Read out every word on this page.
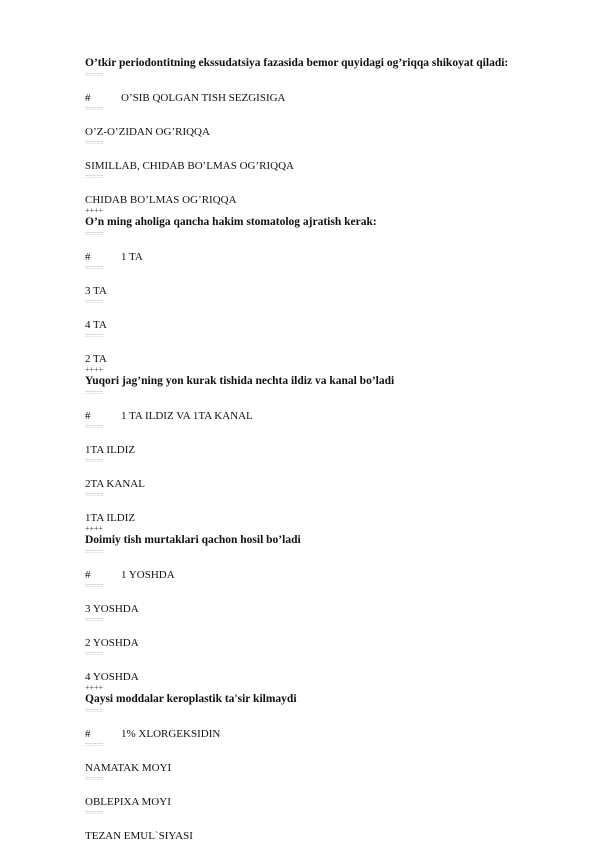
O’tkir periodontitning ekssudatsiya fazasida bemor quyidagi og’riqqa shikoyat qiladi:
=====
#	O’SIB QOLGAN TISH SEZGISIGA
=====
O’Z-O’ZIDAN OG’RIQQA
=====
SIMILLAB, CHIDAB BO’LMAS OG’RIQQA
=====
CHIDAB BO’LMAS OG’RIQQA
++++
O’n ming aholiga qancha hakim stomatolog ajratish kerak:
=====
#	1 TA
=====
3 TA
=====
4 TA
=====
2 TA
++++
Yuqori jag’ning yon kurak tishida nechta ildiz va kanal bo’ladi
=====
#	1 TA ILDIZ VA 1TA KANAL
=====
1TA ILDIZ
=====
2TA KANAL
=====
1TA ILDIZ
++++
Doimiy tish murtaklari qachon hosil bo’ladi
=====
#	1 YOSHDA
=====
3 YOSHDA
=====
2 YOSHDA
=====
4 YOSHDA
++++
Qaysi moddalar keroplastik ta'sir kilmaydi
=====
#	1% XLORGEKSIDIN
=====
NAMATAK MOYI
=====
OBLEPIXA MOYI
=====
TEZAN EMUL`SIYASI
